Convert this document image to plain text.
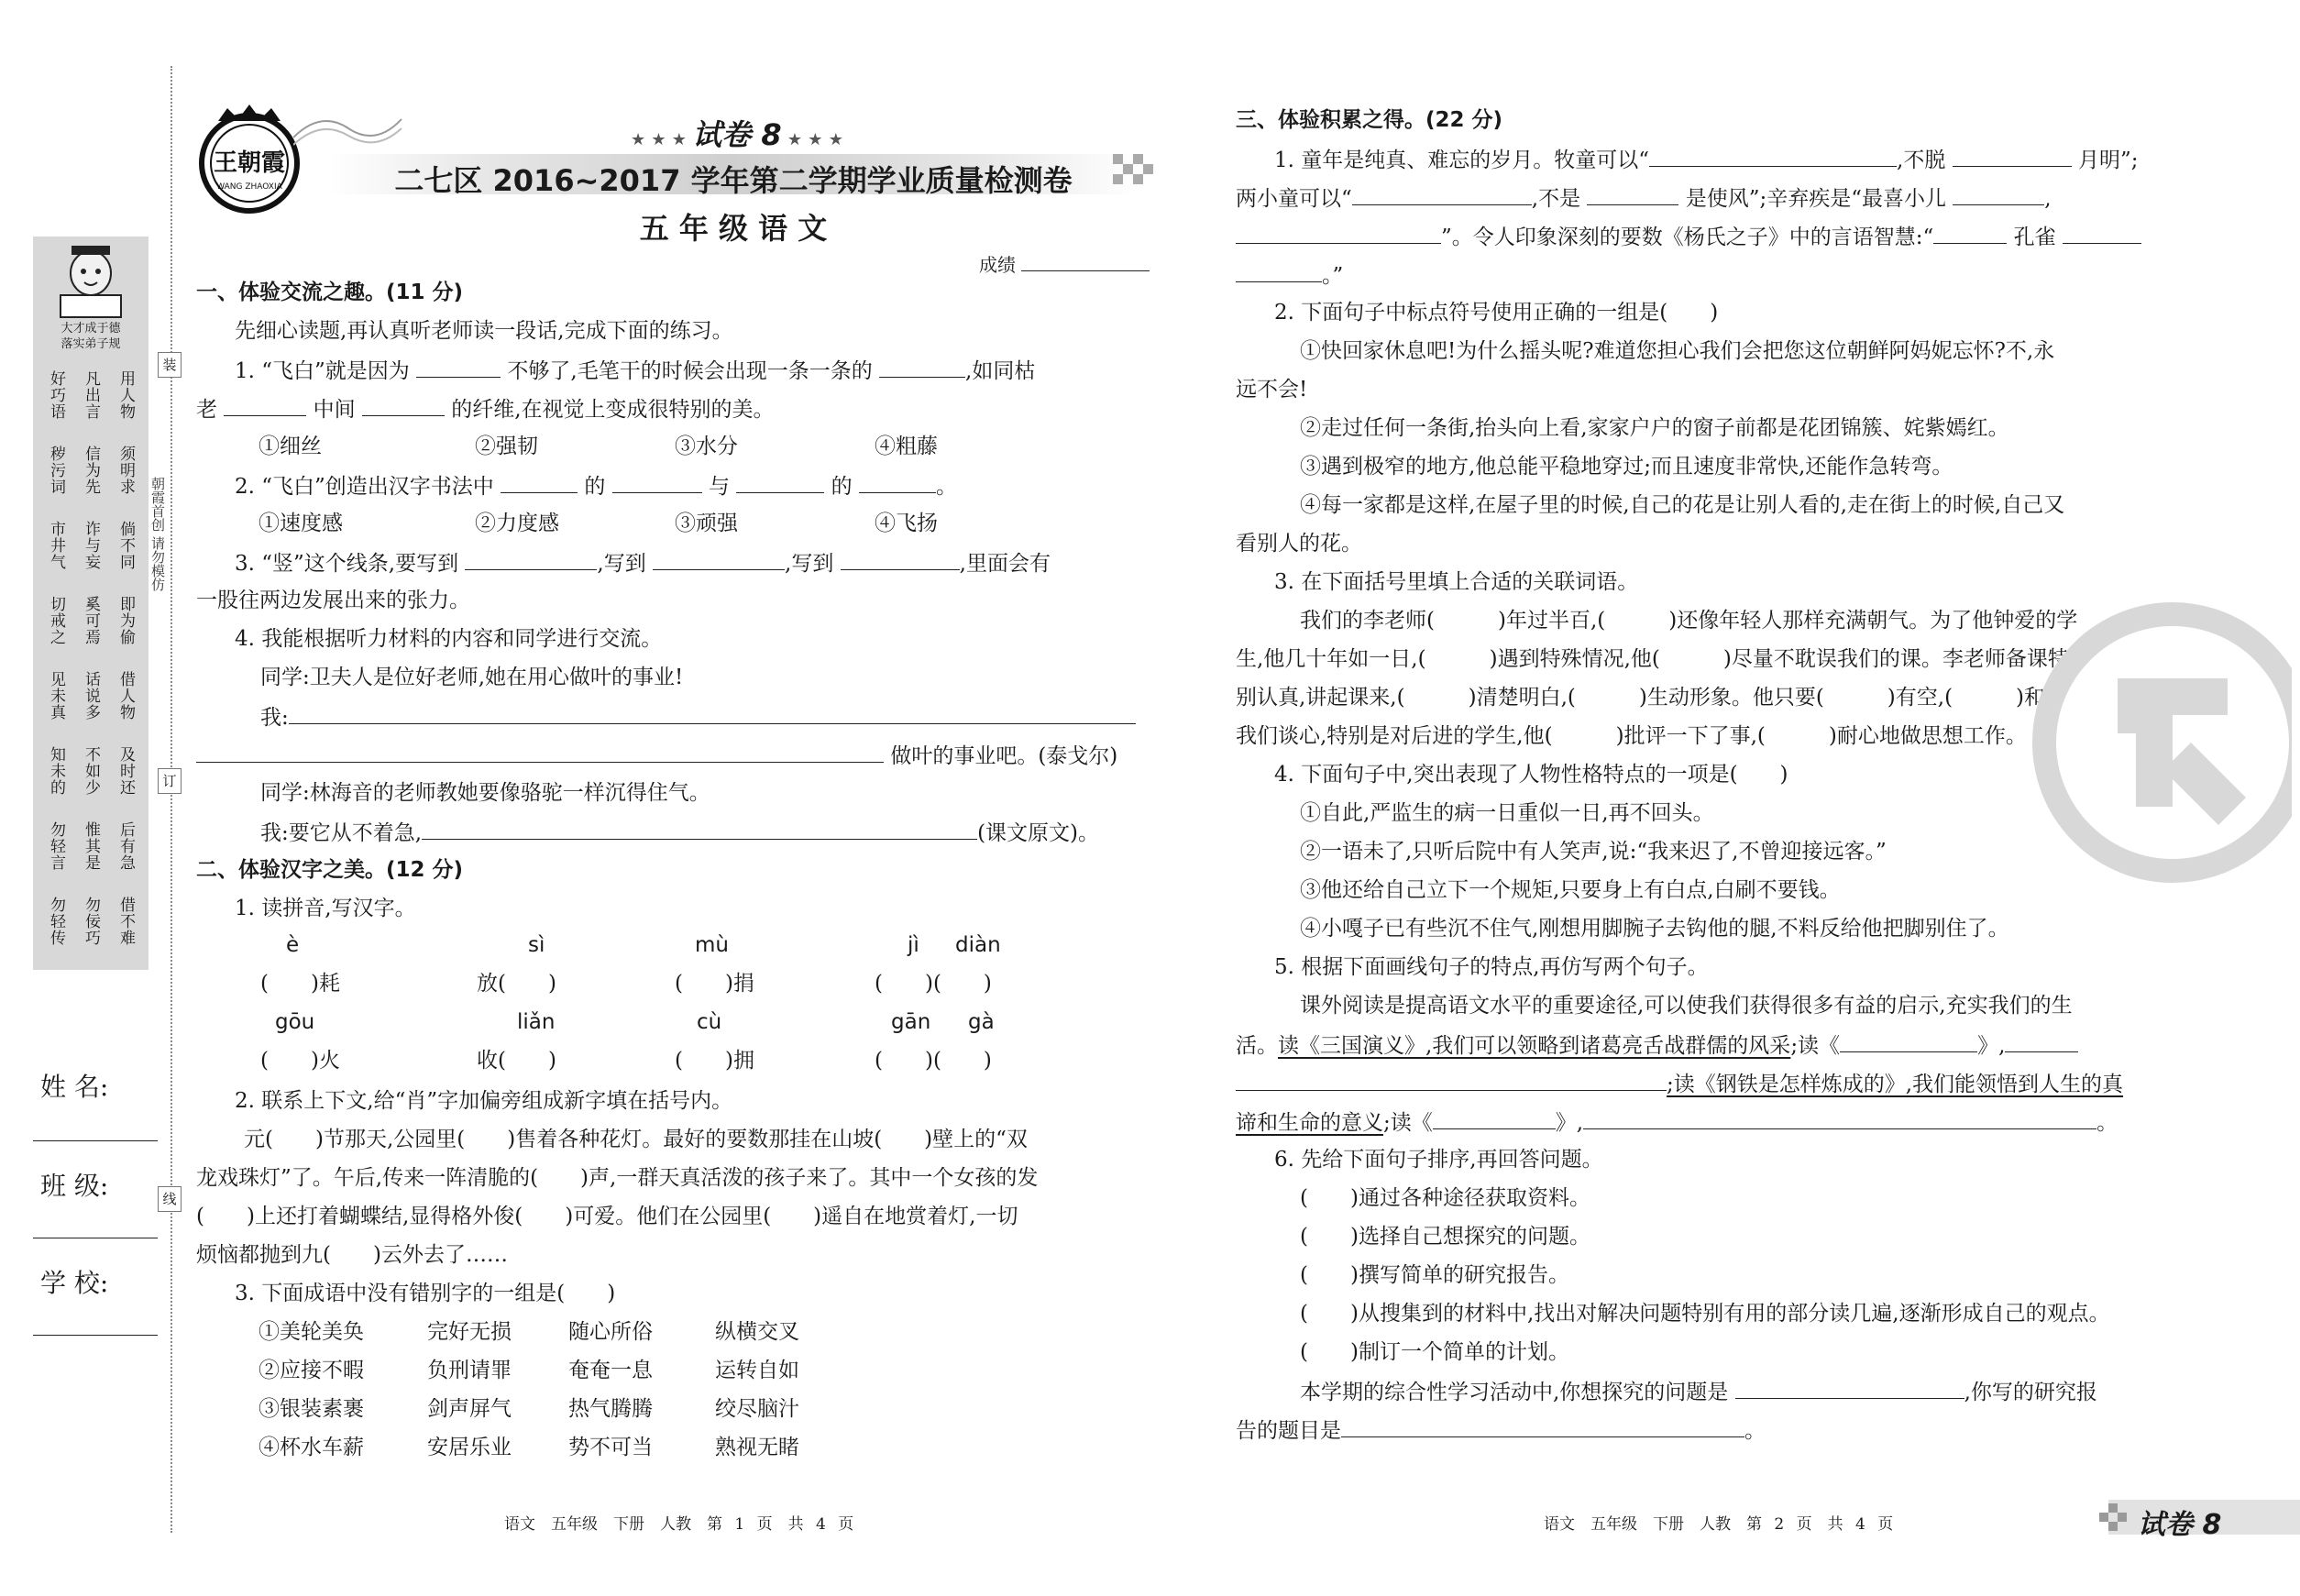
大才成于德
落实弟子规
好巧语 凡出言 用人物
秽污词 信为先 须明求
市井气 诈与妄 倘不同
切戒之 奚可焉 即为偷
见未真 话说多 借人物
知未的 不如少 及时还
勿轻言 惟其是 后有急
勿轻传 勿佞巧 借不难
装
订
线
朝霞首创 请勿模仿
姓 名:
班 级:
学 校:
王朝霞
WANG ZHAOXIA
★ ★ ★ 试卷 8 ★ ★ ★
二七区 2016~2017 学年第二学期学业质量检测卷
五 年 级 语 文
成绩
一、体验交流之趣。(11 分)
先细心读题,再认真听老师读一段话,完成下面的练习。
1. “飞白”就是因为	不够了,毛笔干的时候会出现一条一条的	,如同枯
老	中间	的纤维,在视觉上变成很特别的美。
①细丝	②强韧	③水分	④粗藤
2. “飞白”创造出汉字书法中	的	与	的	。
①速度感	②力度感	③顽强	④飞扬
3. “竖”这个线条,要写到	,写到	,写到	,里面会有
一股往两边发展出来的张力。
4. 我能根据听力材料的内容和同学进行交流。
同学:卫夫人是位好老师,她在用心做叶的事业!
我:
做叶的事业吧。(泰戈尔)
同学:林海音的老师教她要像骆驼一样沉得住气。
我:要它从不着急,	(课文原文)。
二、体验汉字之美。(12 分)
1. 读拼音,写汉字。
è	sì	mù	jì diàn
(　　)耗	放(　　)	(　　)捐	(　　)(　　)
gōu	liǎn	cù	gān gà
(　　)火	收(　　)	(　　)拥	(　　)(　　)
2. 联系上下文,给“肖”字加偏旁组成新字填在括号内。
元(　　)节那天,公园里(　　)售着各种花灯。最好的要数那挂在山坡(　　)壁上的“双
龙戏珠灯”了。午后,传来一阵清脆的(　　)声,一群天真活泼的孩子来了。其中一个女孩的发
(　　)上还打着蝴蝶结,显得格外俊(　　)可爱。他们在公园里(　　)遥自在地赏着灯,一切
烦恼都抛到九(　　)云外去了……
3. 下面成语中没有错别字的一组是(　　)
①美轮美奂	完好无损	随心所俗	纵横交叉
②应接不暇	负刑请罪	奄奄一息	运转自如
③银装素裹	剑声屏气	热气腾腾	绞尽脑汁
④杯水车薪	安居乐业	势不可当	熟视无睹
语文　五年级　下册　人教　第 1 页　共 4 页
三、体验积累之得。(22 分)
1. 童年是纯真、难忘的岁月。牧童可以“	,不脱	月明”;
两小童可以“	,不是	是使风”;辛弃疾是“最喜小儿	,
”。令人印象深刻的要数《杨氏之子》中的言语智慧:“	孔雀
。”
2. 下面句子中标点符号使用正确的一组是(　　)
①快回家休息吧!为什么摇头呢?难道您担心我们会把您这位朝鲜阿妈妮忘怀?不,永
远不会!
②走过任何一条街,抬头向上看,家家户户的窗子前都是花团锦簇、姹紫嫣红。
③遇到极窄的地方,他总能平稳地穿过;而且速度非常快,还能作急转弯。
④每一家都是这样,在屋子里的时候,自己的花是让别人看的,走在街上的时候,自己又
看别人的花。
3. 在下面括号里填上合适的关联词语。
我们的李老师(　　　)年过半百,(　　　)还像年轻人那样充满朝气。为了他钟爱的学
生,他几十年如一日,(　　　)遇到特殊情况,他(　　　)尽量不耽误我们的课。李老师备课特
别认真,讲起课来,(　　　)清楚明白,(　　　)生动形象。他只要(　　　)有空,(　　　)和
我们谈心,特别是对后进的学生,他(　　　)批评一下了事,(　　　)耐心地做思想工作。
4. 下面句子中,突出表现了人物性格特点的一项是(　　)
①自此,严监生的病一日重似一日,再不回头。
②一语未了,只听后院中有人笑声,说:“我来迟了,不曾迎接远客。”
③他还给自己立下一个规矩,只要身上有白点,白刷不要钱。
④小嘎子已有些沉不住气,刚想用脚腕子去钩他的腿,不料反给他把脚别住了。
5. 根据下面画线句子的特点,再仿写两个句子。
课外阅读是提高语文水平的重要途径,可以使我们获得很多有益的启示,充实我们的生
活。读《三国演义》,我们可以领略到诸葛亮舌战群儒的风采;读《	》,
;读《钢铁是怎样炼成的》,我们能领悟到人生的真
谛和生命的意义;读《	》,	。
6. 先给下面句子排序,再回答问题。
(　　)通过各种途径获取资料。
(　　)选择自己想探究的问题。
(　　)撰写简单的研究报告。
(　　)从搜集到的材料中,找出对解决问题特别有用的部分读几遍,逐渐形成自己的观点。
(　　)制订一个简单的计划。
本学期的综合性学习活动中,你想探究的问题是	,你写的研究报
告的题目是	。
语文　五年级　下册　人教　第 2 页　共 4 页	试卷 8
